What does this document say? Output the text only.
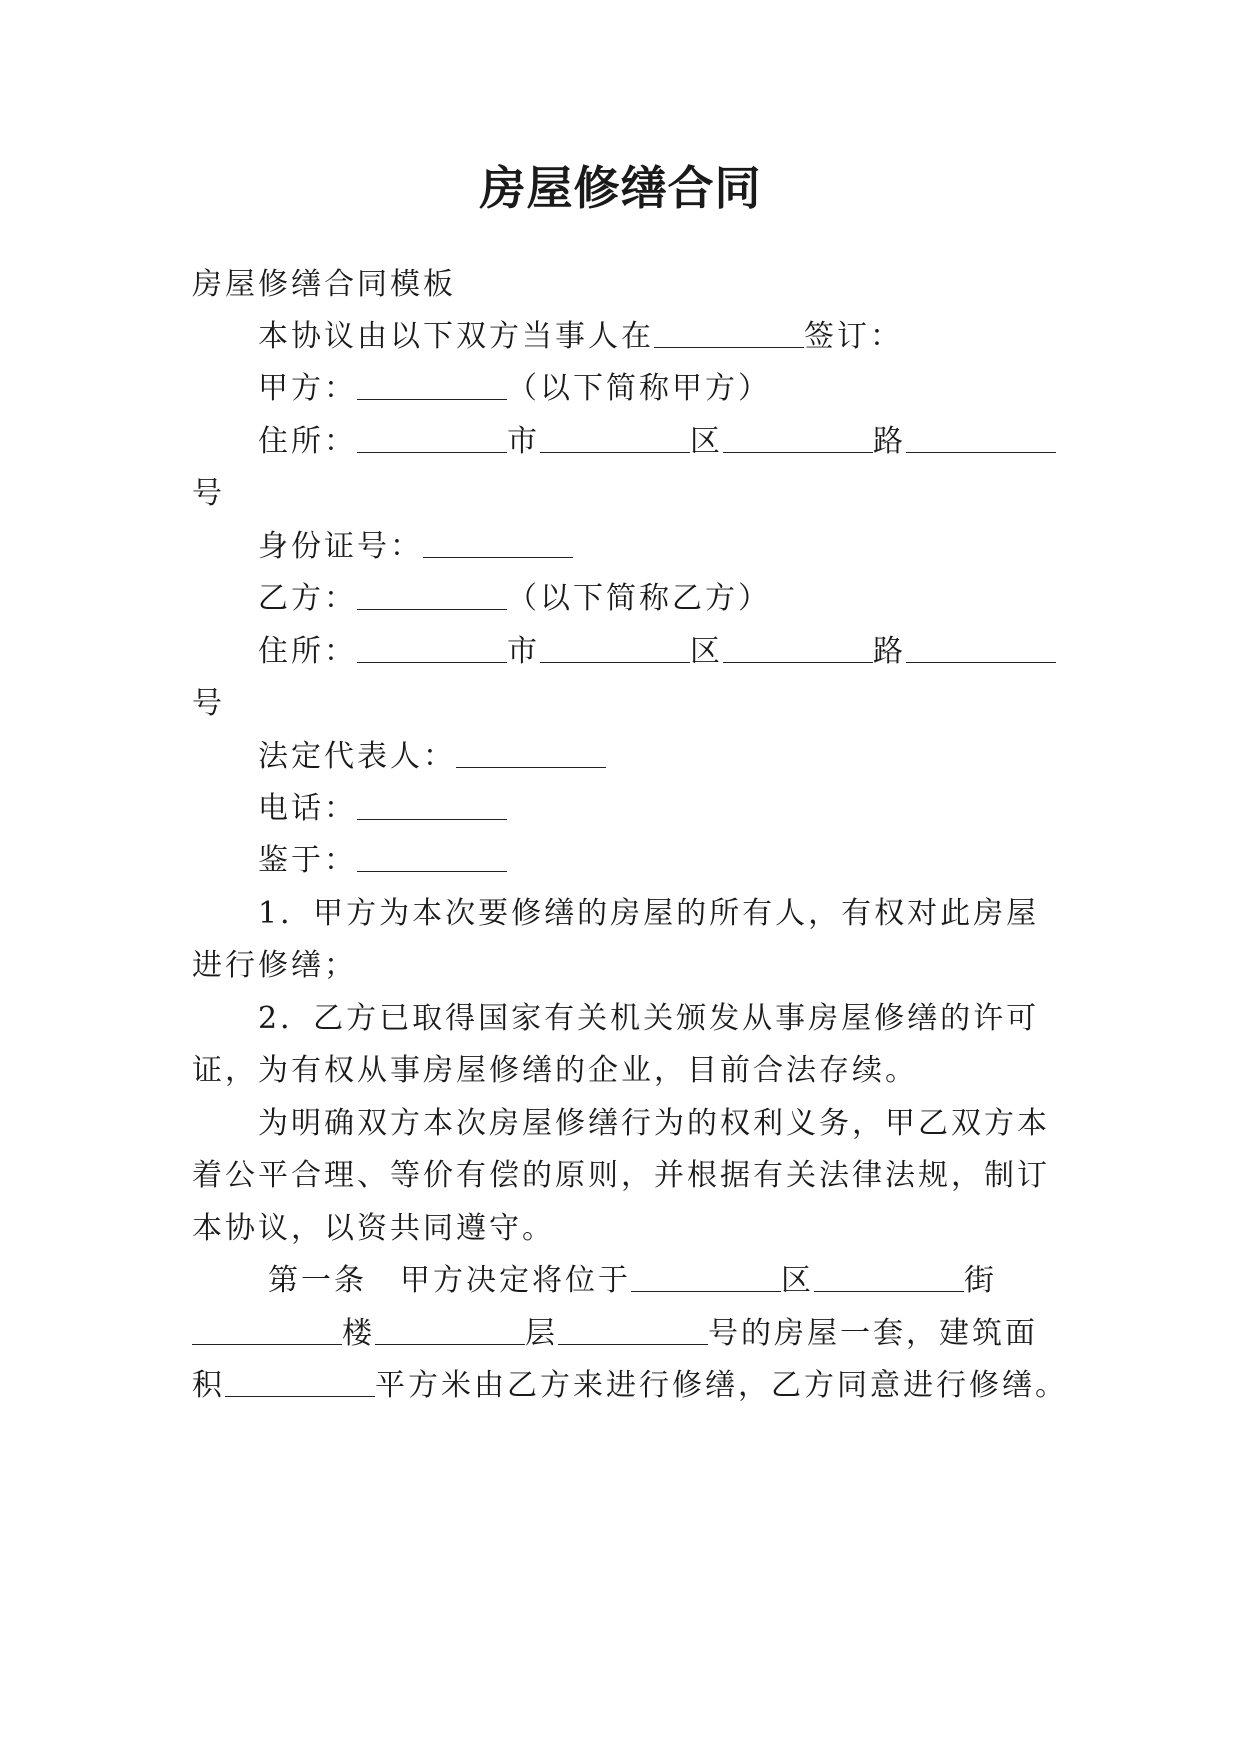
房屋修缮合同
房屋修缮合同模板
本协议由以下双方当事人在	签订：
甲方：	（以下简称甲方）
住所：	市	区	路
号
身份证号：
乙方：	（以下简称乙方）
住所：	市	区	路
号
法定代表人：
电话：
鉴于：
1．甲方为本次要修缮的房屋的所有人，有权对此房屋
进行修缮；
2．乙方已取得国家有关机关颁发从事房屋修缮的许可
证，为有权从事房屋修缮的企业，目前合法存续。
为明确双方本次房屋修缮行为的权利义务，甲乙双方本
着公平合理、等价有偿的原则，并根据有关法律法规，制订
本协议，以资共同遵守。
第一条　甲方决定将位于	区	街
楼	层	号的房屋一套，建筑面
积	平方米由乙方来进行修缮，乙方同意进行修缮。
